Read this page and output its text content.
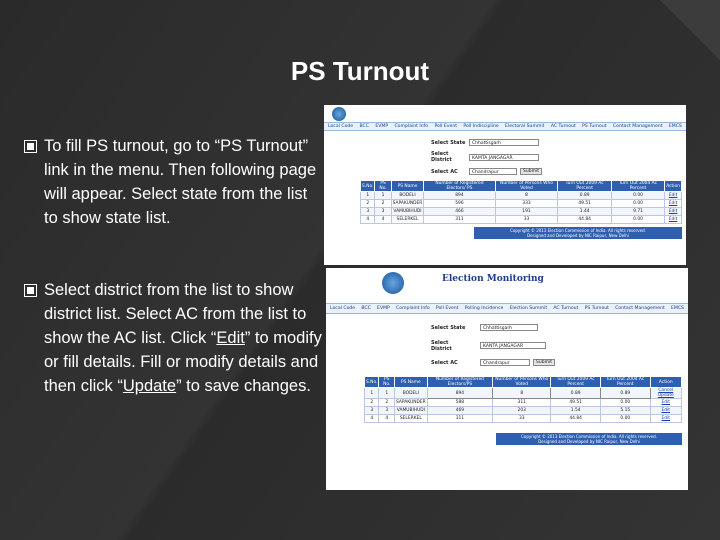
PS Turnout
To fill PS turnout, go to “PS Turnout” link in the menu. Then following page will appear. Select state from the list to show state list.
Select district from the list to show district list. Select AC from the list to show the AC list. Click “Edit” to modify or fill details. Fill or modify details and then click “Update” to save changes.
Local Code BCC EVMP Complaint Info Poll Event Poll Indiscipline Electoral Summit AC Turnout PS Turnout Contact Management EMCS
Select State	Chhattisgarh
Select District	KAMTA JANGAGAR
Select AC	Chandrapur	Submit
S.No.	PS No.	PS Name	Number of Registered Electors/ PS	Number of Persons Who Voted	Turn Out 2009 Ac Percent	Turn Out 2004 Ac Percent	Action
1	1	BODELI	894	8	0.89	0.00	Edit
2	2	SAPAKUNDER	596	333	49.51	0.00	Edit
3	3	VAMUBIHUDI	466	191	1.44	9.71	Edit
4	4	SELERKEL	311	33	44.84	0.00	Edit
Copyright © 2013 Election Commission of India. All rights reserved.
Designed and Developed by NIC Raipur, New Delhi
Election Monitoring
Local Code BCC EVMP Complaint Info Poll Event Polling Incidence Election Summit AC Turnout PS Turnout Contact Management EMCS
Select State	Chhattisgarh
Select District	KANTA JANGAGAR
Select AC	Chandrapur	Submit
S.No.	PS No.	PS Name	Number of Registered Electors/PS	Number of Persons Who Voted	Turn Out 2009 Ac Percent	Turn Out 2004 Ac Percent	Action
1	1	BODELI	894	8	0.89	0.89	Cancel Update
2	2	SAPAKUNDER	588	311	49.51	0.00	Edit
3	3	VAMUBIHUDI	469	203	1.54	5.15	Edit
4	4	SELERKEL	311	33	44.84	0.00	Edit
Copyright © 2013 Election Commission of India. All rights reserved.
Designed and Developed by NIC Raipur, New Delhi
